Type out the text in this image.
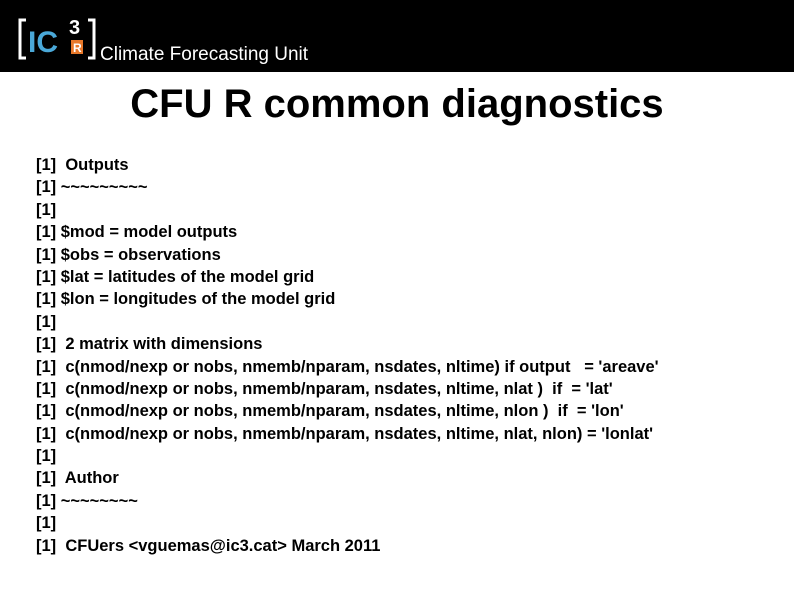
IC 3
R Climate Forecasting Unit
CFU R common diagnostics
[1]  Outputs
[1] ~~~~~~~~~
[1]
[1] $mod = model outputs
[1] $obs = observations
[1] $lat = latitudes of the model grid
[1] $lon = longitudes of the model grid
[1]
[1]  2 matrix with dimensions
[1]  c(nmod/nexp or nobs, nmemb/nparam, nsdates, nltime) if output   = 'areave'
[1]  c(nmod/nexp or nobs, nmemb/nparam, nsdates, nltime, nlat )  if  = 'lat'
[1]  c(nmod/nexp or nobs, nmemb/nparam, nsdates, nltime, nlon )  if  = 'lon'
[1]  c(nmod/nexp or nobs, nmemb/nparam, nsdates, nltime, nlat, nlon) = 'lonlat'
[1]
[1]  Author
[1] ~~~~~~~~
[1]
[1]  CFUers <vguemas@ic3.cat> March 2011
